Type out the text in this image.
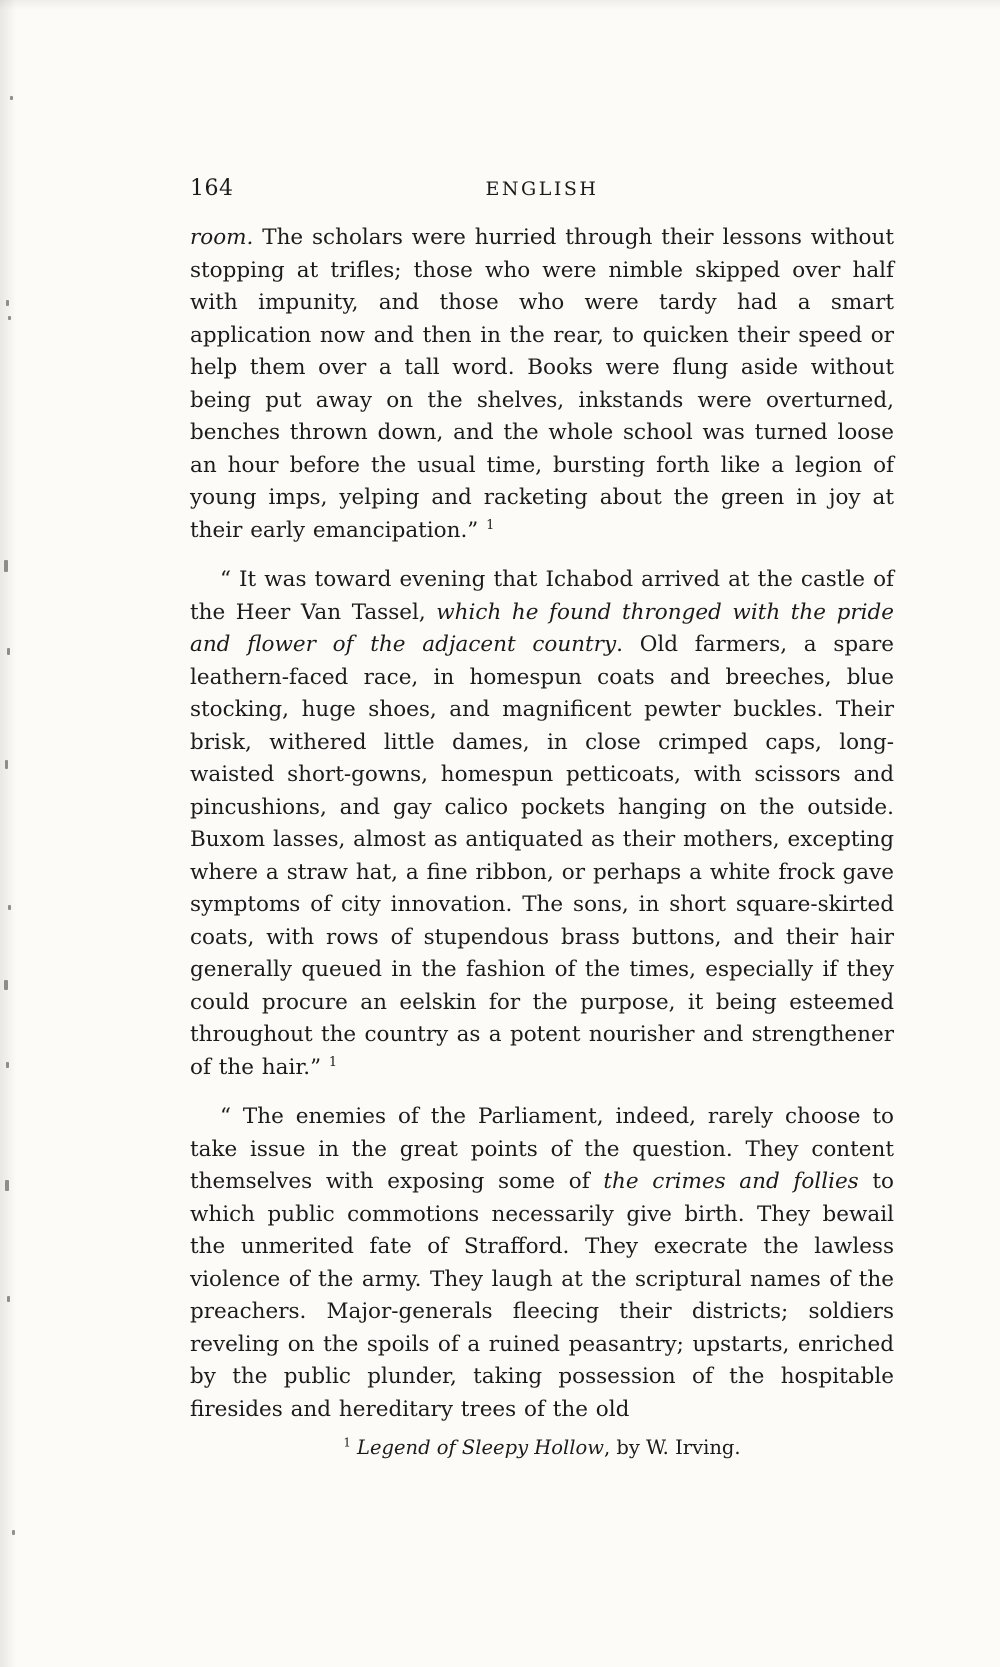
164	ENGLISH

room. The scholars were hurried through their lessons without stopping at trifles; those who were nimble skipped over half with impunity, and those who were tardy had a smart application now and then in the rear, to quicken their speed or help them over a tall word. Books were flung aside without being put away on the shelves, inkstands were overturned, benches thrown down, and the whole school was turned loose an hour before the usual time, bursting forth like a legion of young imps, yelping and racketing about the green in joy at their early emancipation.” $^1$

“ It was toward evening that Ichabod arrived at the castle of the Heer Van Tassel, which he found thronged with the pride and flower of the adjacent country. Old farmers, a spare leathern-faced race, in homespun coats and breeches, blue stocking, huge shoes, and magnificent pewter buckles. Their brisk, withered little dames, in close crimped caps, long-waisted short-gowns, homespun petticoats, with scissors and pincushions, and gay calico pockets hanging on the outside. Buxom lasses, almost as antiquated as their mothers, excepting where a straw hat, a fine ribbon, or perhaps a white frock gave symptoms of city innovation. The sons, in short square-skirted coats, with rows of stupendous brass buttons, and their hair generally queued in the fashion of the times, especially if they could procure an eelskin for the purpose, it being esteemed throughout the country as a potent nourisher and strengthener of the hair.” $^1$

“ The enemies of the Parliament, indeed, rarely choose to take issue in the great points of the question. They content themselves with exposing some of the crimes and follies to which public commotions necessarily give birth. They bewail the unmerited fate of Strafford. They execrate the lawless violence of the army. They laugh at the scriptural names of the preachers. Major-generals fleecing their districts; soldiers reveling on the spoils of a ruined peasantry; upstarts, enriched by the public plunder, taking possession of the hospitable firesides and hereditary trees of the old

$^1$ Legend of Sleepy Hollow, by W. Irving.
